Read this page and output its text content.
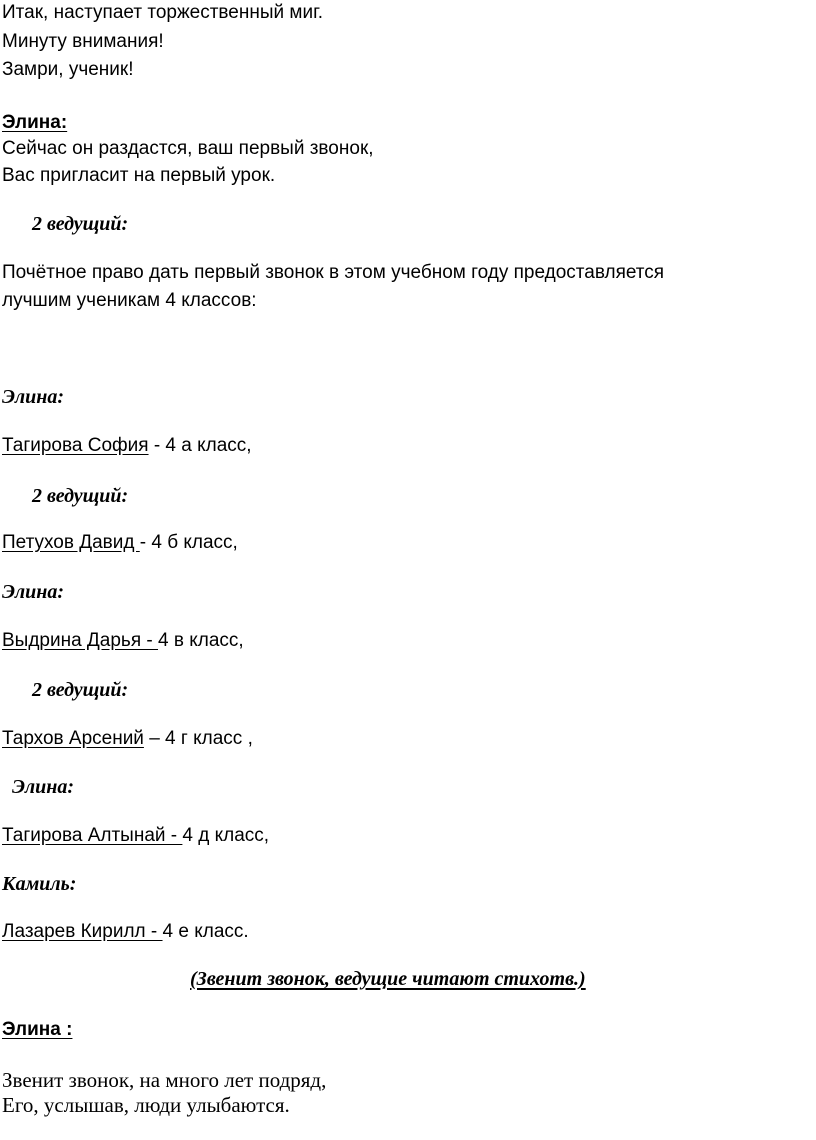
Итак, наступает торжественный миг.
Минуту внимания!
Замри, ученик!
Элина:
Сейчас он раздастся, ваш первый звонок,
Вас пригласит на первый урок.
2 ведущий:
Почётное право дать первый звонок в этом учебном году предоставляется
лучшим ученикам 4 классов:
Элина:
Тагирова София - 4 а класс,
2 ведущий:
Петухов Давид - 4 б класс,
Элина:
Выдрина Дарья - 4 в класс,
2 ведущий:
Тархов Арсений – 4 г класс ,
Элина:
Тагирова Алтынай - 4 д класс,
Камиль:
Лазарев Кирилл - 4 е класс.
(Звенит звонок, ведущие читают стихотв.)
Элина :
Звенит звонок, на много лет подряд,
Его, услышав, люди улыбаются.
